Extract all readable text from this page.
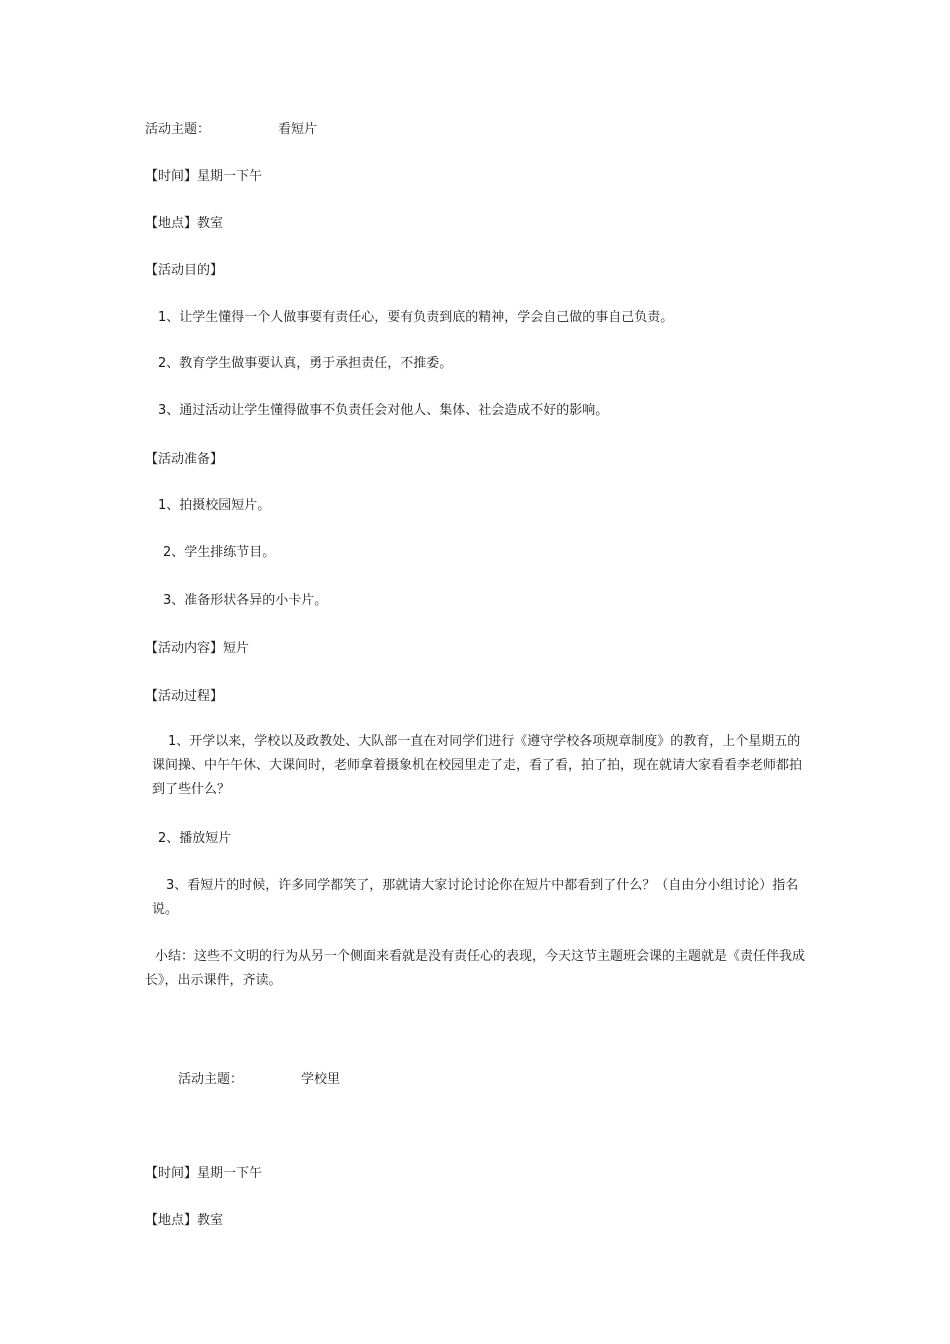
活动主题：	看短片
【时间】星期一下午
【地点】教室
【活动目的】
1、让学生懂得一个人做事要有责任心，要有负责到底的精神，学会自己做的事自己负责。
2、教育学生做事要认真，勇于承担责任，不推委。
3、通过活动让学生懂得做事不负责任会对他人、集体、社会造成不好的影响。
【活动准备】
1、拍摄校园短片。
2、学生排练节目。
3、准备形状各异的小卡片。
【活动内容】短片
【活动过程】
1、开学以来，学校以及政教处、大队部一直在对同学们进行《遵守学校各项规章制度》的教育，上个星期五的课间操、中午午休、大课间时，老师拿着摄象机在校园里走了走，看了看，拍了拍，现在就请大家看看李老师都拍到了些什么？
2、播放短片
3、看短片的时候，许多同学都笑了，那就请大家讨论讨论你在短片中都看到了什么？（自由分小组讨论）指名说。
小结：这些不文明的行为从另一个侧面来看就是没有责任心的表现，今天这节主题班会课的主题就是《责任伴我成长》，出示课件，齐读。
活动主题：	学校里
【时间】星期一下午
【地点】教室
